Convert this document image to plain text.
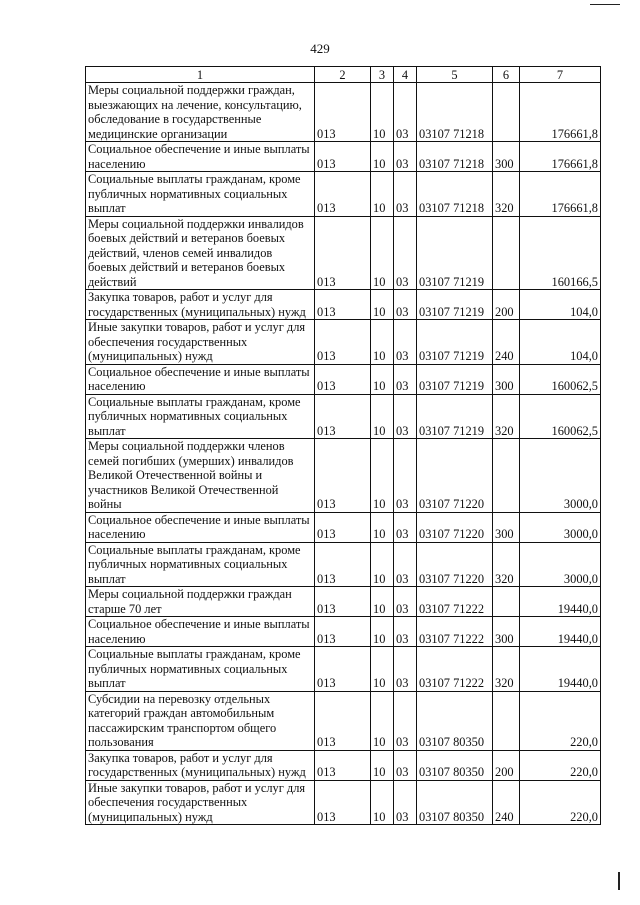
429
1	2	3	4	5	6	7
Меры социальной поддержки граждан, выезжающих на лечение, консультацию, обследование в государственные медицинские организации	013	10	03	03107 71218		176661,8
Социальное обеспечение и иные выплаты населению	013	10	03	03107 71218	300	176661,8
Социальные выплаты гражданам, кроме публичных нормативных социальных выплат	013	10	03	03107 71218	320	176661,8
Меры социальной поддержки инвалидов боевых действий и ветеранов боевых действий, членов семей инвалидов боевых действий и ветеранов боевых действий	013	10	03	03107 71219		160166,5
Закупка товаров, работ и услуг для государственных (муниципальных) нужд	013	10	03	03107 71219	200	104,0
Иные закупки товаров, работ и услуг для обеспечения государственных (муниципальных) нужд	013	10	03	03107 71219	240	104,0
Социальное обеспечение и иные выплаты населению	013	10	03	03107 71219	300	160062,5
Социальные выплаты гражданам, кроме публичных нормативных социальных выплат	013	10	03	03107 71219	320	160062,5
Меры социальной поддержки членов семей погибших (умерших) инвалидов Великой Отечественной войны и участников Великой Отечественной войны	013	10	03	03107 71220		3000,0
Социальное обеспечение и иные выплаты населению	013	10	03	03107 71220	300	3000,0
Социальные выплаты гражданам, кроме публичных нормативных социальных выплат	013	10	03	03107 71220	320	3000,0
Меры социальной поддержки граждан старше 70 лет	013	10	03	03107 71222		19440,0
Социальное обеспечение и иные выплаты населению	013	10	03	03107 71222	300	19440,0
Социальные выплаты гражданам, кроме публичных нормативных социальных выплат	013	10	03	03107 71222	320	19440,0
Субсидии на перевозку отдельных категорий граждан автомобильным пассажирским транспортом общего пользования	013	10	03	03107 80350		220,0
Закупка товаров, работ и услуг для государственных (муниципальных) нужд	013	10	03	03107 80350	200	220,0
Иные закупки товаров, работ и услуг для обеспечения государственных (муниципальных) нужд	013	10	03	03107 80350	240	220,0
